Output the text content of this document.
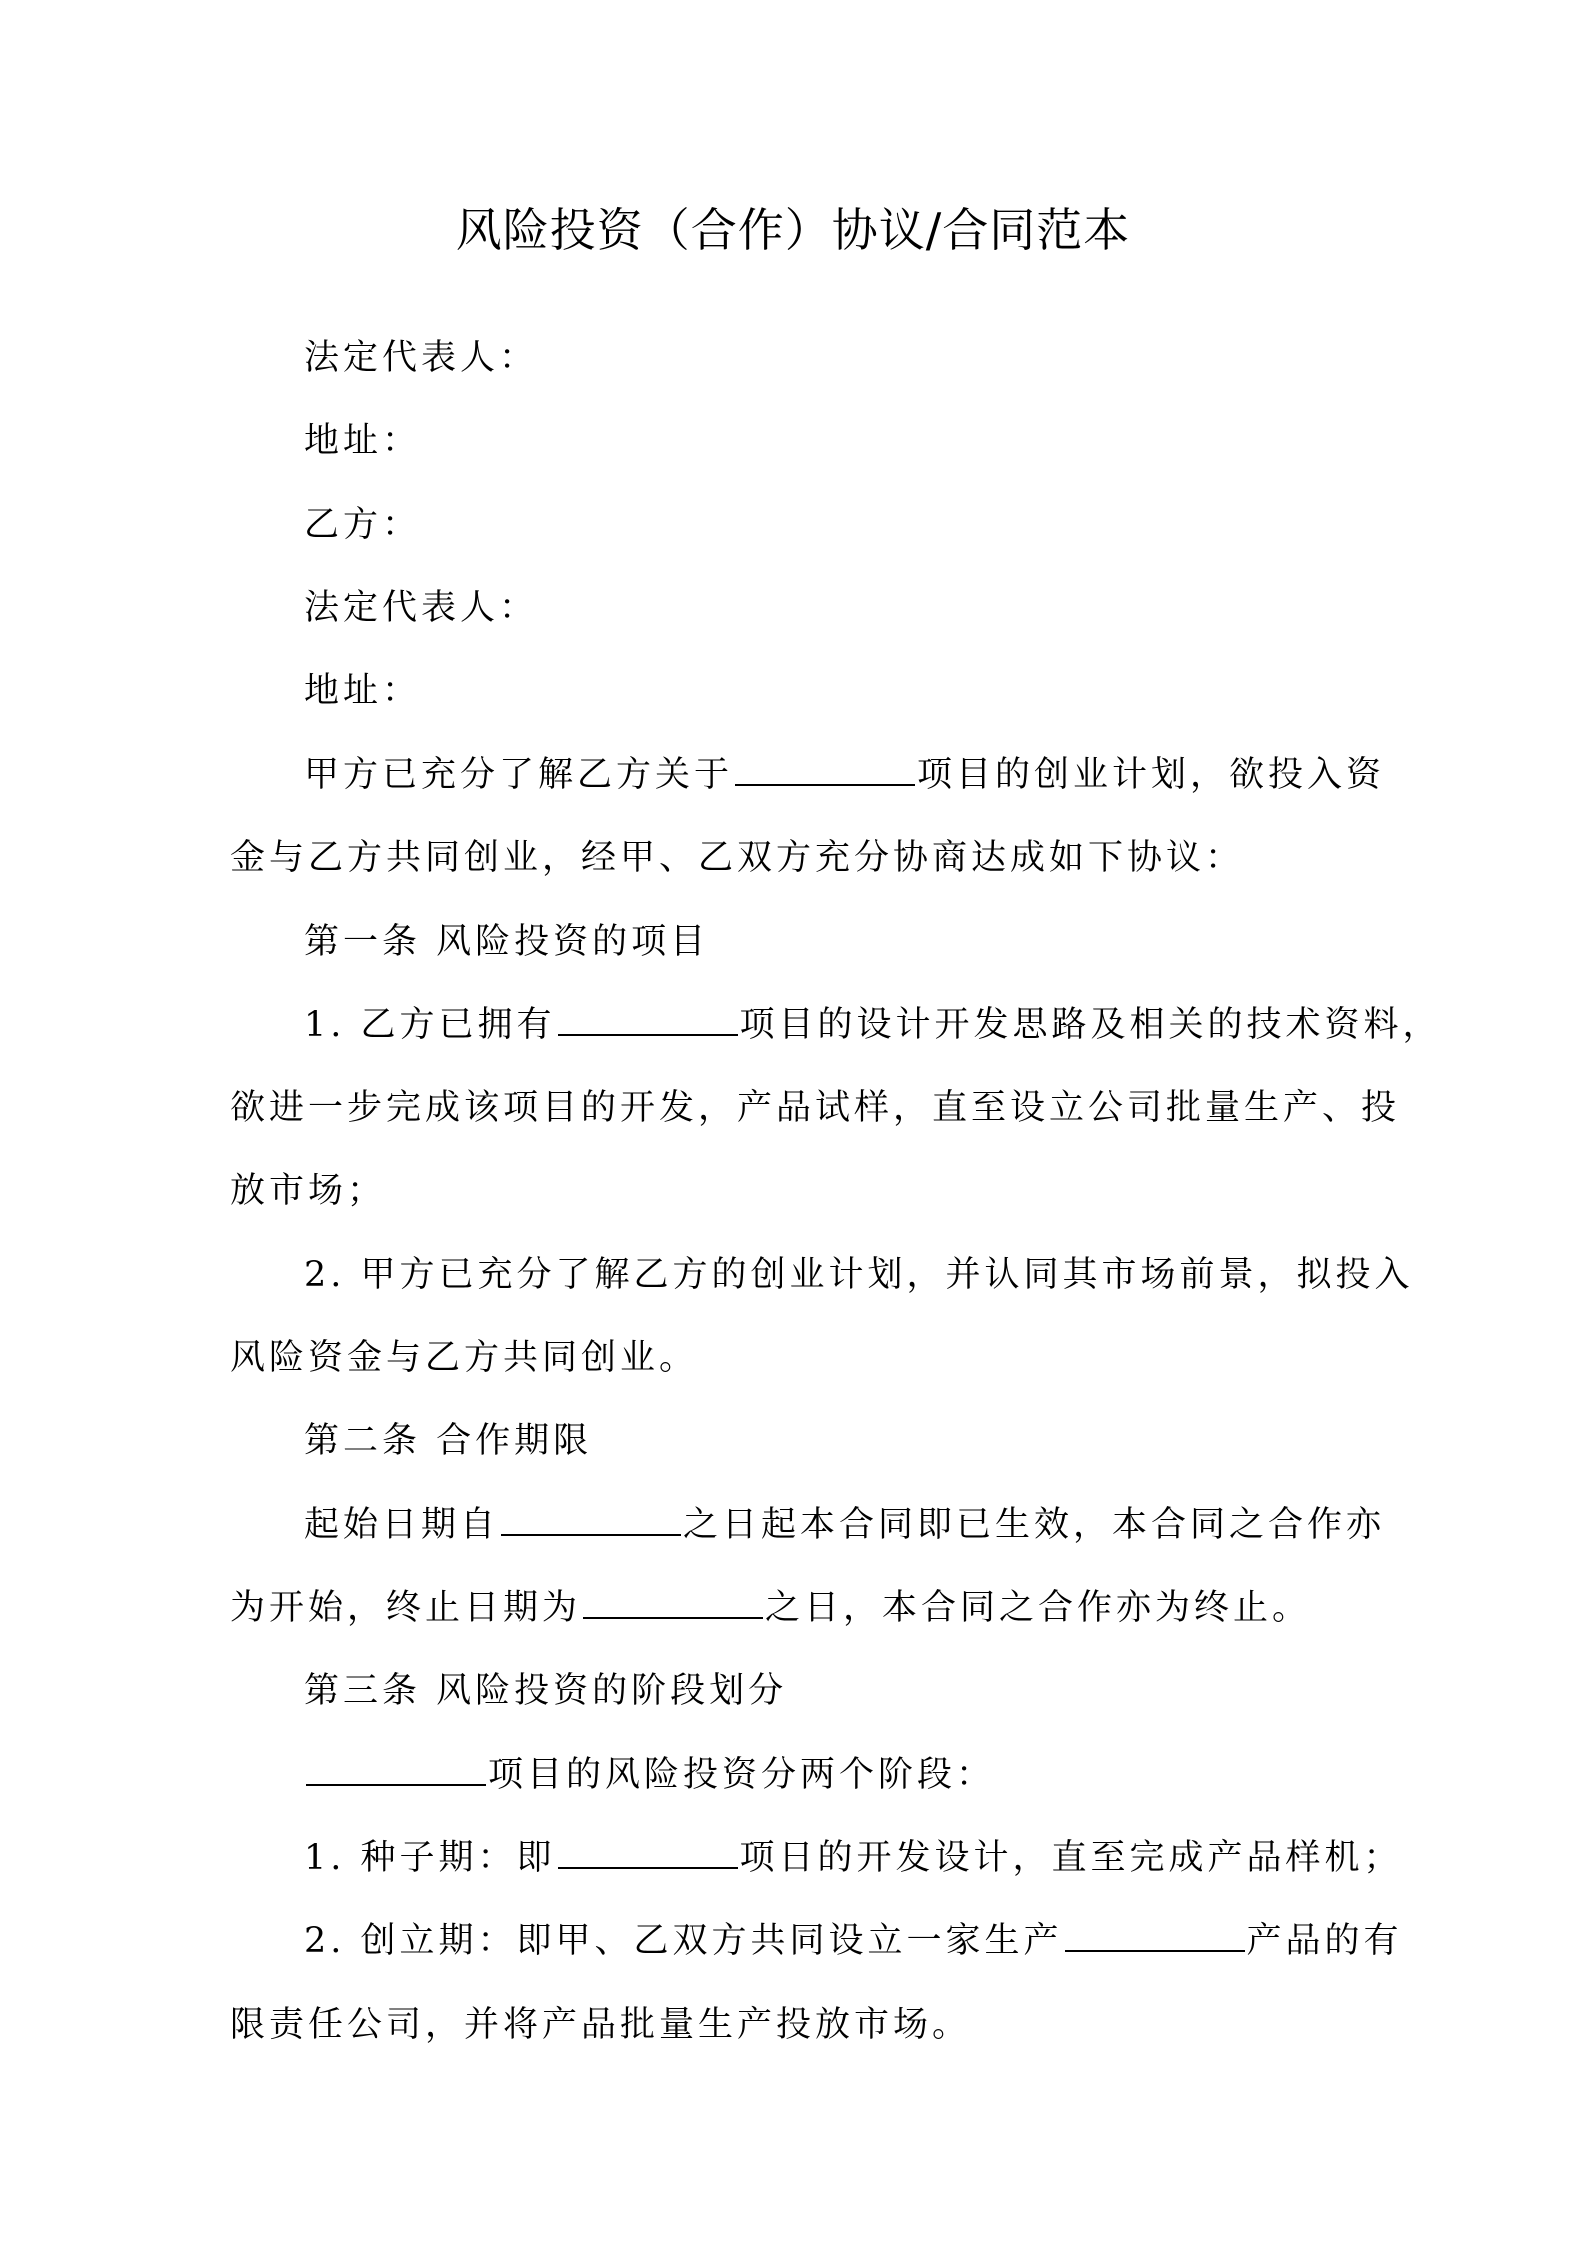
风险投资（合作）协议/合同范本

法定代表人：

地址：

乙方：

法定代表人：

地址：

甲方已充分了解乙方关于	项目的创业计划，欲投入资

金与乙方共同创业，经甲、乙双方充分协商达成如下协议：

第一条 风险投资的项目

1. 乙方已拥有	项目的设计开发思路及相关的技术资料，

欲进一步完成该项目的开发，产品试样，直至设立公司批量生产、投

放市场；

2. 甲方已充分了解乙方的创业计划，并认同其市场前景，拟投入

风险资金与乙方共同创业。

第二条 合作期限

起始日期自	之日起本合同即已生效，本合同之合作亦

为开始，终止日期为	之日，本合同之合作亦为终止。

第三条 风险投资的阶段划分

项目的风险投资分两个阶段：

1. 种子期：即	项日的开发设计，直至完成产品样机；

2. 创立期：即甲、乙双方共同设立一家生产	产品的有

限责任公司，并将产品批量生产投放市场。
